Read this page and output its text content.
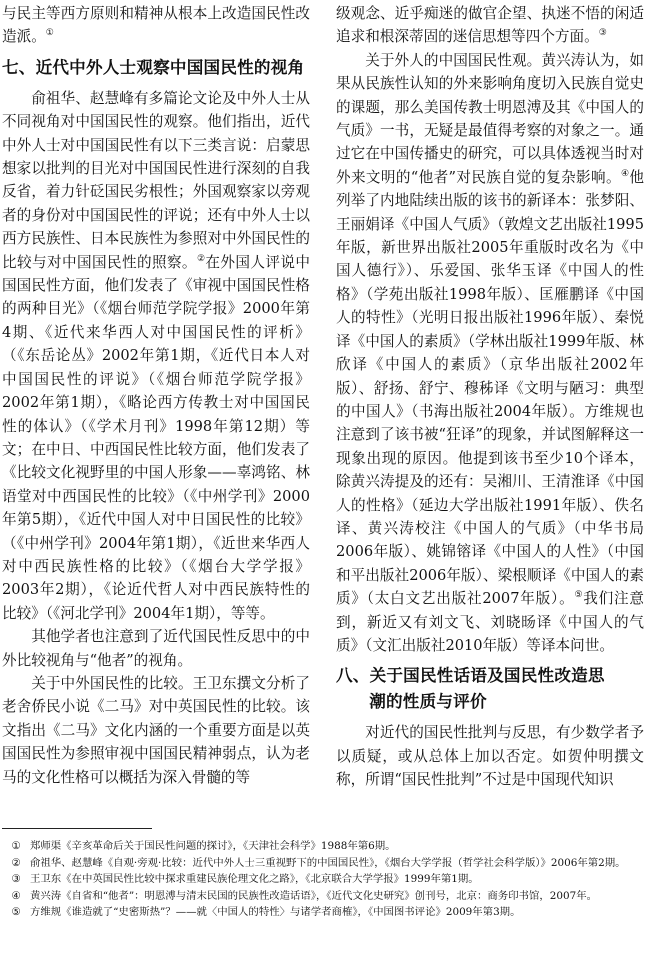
与民主等西方原则和精神从根本上改造国民性改造派。①

七、近代中外人士观察中国国民性的视角

俞祖华、赵慧峰有多篇论文论及中外人士从不同视角对中国国民性的观察。他们指出，近代中外人士对中国国民性有以下三类言说：启蒙思想家以批判的目光对中国国民性进行深刻的自我反省，着力针砭国民劣根性；外国观察家以旁观者的身份对中国国民性的评说；还有中外人士以西方民族性、日本民族性为参照对中外国民性的比较与对中国国民性的照察。②在外国人评说中国国民性方面，他们发表了《审视中国国民性格的两种目光》（《烟台师范学院学报》2000年第4期、《近代来华西人对中国国民性的评析》（《东岳论丛》2002年第1期，《近代日本人对中国国民性的评说》（《烟台师范学院学报》2002年第1期），《略论西方传教士对中国国民性的体认》（《学术月刊》1998年第12期）等文；在中日、中西国民性比较方面，他们发表了《比较文化视野里的中国人形象——辜鸿铭、林语堂对中西国民性的比较》（《中州学刊》2000年第5期），《近代中国人对中日国民性的比较》（《中州学刊》2004年第1期），《近世来华西人对中西民族性格的比较》（《烟台大学学报》2003年2期），《论近代哲人对中西民族特性的比较》（《河北学刊》2004年1期），等等。

其他学者也注意到了近代国民性反思中的中外比较视角与“他者”的视角。

关于中外国民性的比较。王卫东撰文分析了老舍侨民小说《二马》对中英国民性的比较。该文指出《二马》文化内涵的一个重要方面是以英国国民性为参照审视中国国民精神弱点，认为老马的文化性格可以概括为深入骨髓的等

级观念、近乎痴迷的做官企望、执迷不悟的闲适追求和根深蒂固的迷信思想等四个方面。③

关于外人的中国国民性观。黄兴涛认为，如果从民族性认知的外来影响角度切入民族自觉史的课题，那么美国传教士明恩溥及其《中国人的气质》一书，无疑是最值得考察的对象之一。通过它在中国传播史的研究，可以具体透视当时对外来文明的“他者”对民族自觉的复杂影响。④他列举了内地陆续出版的该书的新译本：张梦阳、王丽娟译《中国人气质》（敦煌文艺出版社1995年版，新世界出版社2005年重版时改名为《中国人德行》）、乐爱国、张华玉译《中国人的性格》（学苑出版社1998年版）、匡雁鹏译《中国人的特性》（光明日报出版社1996年版）、秦悦译《中国人的素质》（学林出版社1999年版、林欣译《中国人的素质》（京华出版社2002年版）、舒扬、舒宁、穆秭译《文明与陋习：典型的中国人》（书海出版社2004年版）。方维规也注意到了该书被“狂译”的现象，并试图解释这一现象出现的原因。他提到该书至少10个译本，除黄兴涛提及的还有：吴湘川、王清淮译《中国人的性格》（延边大学出版社1991年版）、佚名译、黄兴涛校注《中国人的气质》（中华书局2006年版）、姚锦镕译《中国人的人性》（中国和平出版社2006年版）、梁根顺译《中国人的素质》（太白文艺出版社2007年版）。⑤我们注意到，新近又有刘文飞、刘晓旸译《中国人的气质》（文汇出版社2010年版）等译本问世。

八、关于国民性话语及国民性改造思

潮的性质与评价

对近代的国民性批判与反思，有少数学者予以质疑，或从总体上加以否定。如贺仲明撰文称，所谓“国民性批判”不过是中国现代知识

① 郑师渠《辛亥革命后关于国民性问题的探讨》，《天津社会科学》1988年第6期。
② 俞祖华、赵慧峰《自观·旁观·比较：近代中外人士三重视野下的中国国民性》，《烟台大学学报（哲学社会科学版）》2006年第2期。
③ 王卫东《在中英国民性比较中探求重建民族伦理文化之路》，《北京联合大学学报》1999年第1期。
④ 黄兴涛《自省和“他者”：明恩溥与清末民国的民族性改造话语》，《近代文化史研究》创刊号，北京：商务印书馆，2007年。
⑤ 方维规《谁造就了“史密斯热”？——就〈中国人的特性〉与诸学者商榷》，《中国图书评论》2009年第3期。
